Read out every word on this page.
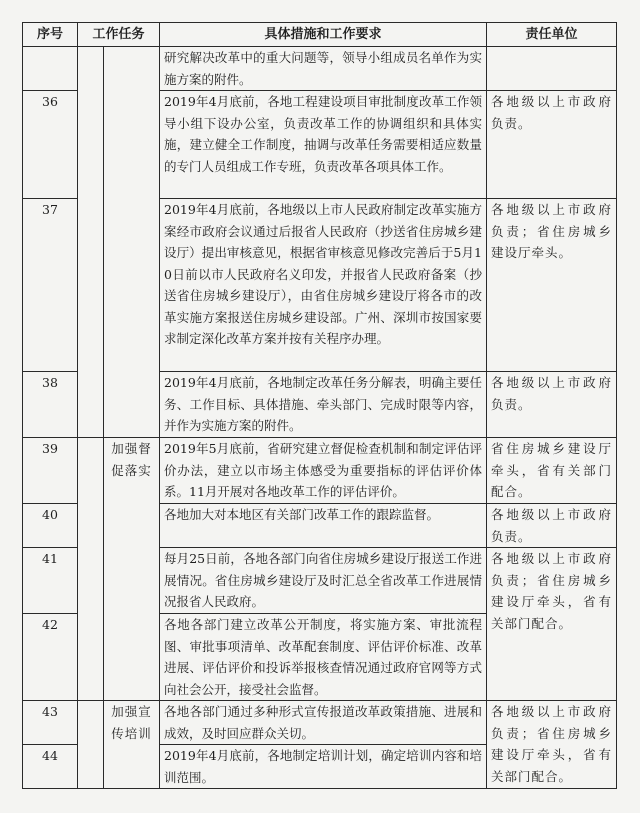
序号	工作任务		具体措施和工作要求	责任单位
			研究解决改革中的重大问题等，领导小组成员名单作为实施方案的附件。	
36			2019年4月底前，各地工程建设项目审批制度改革工作领导小组下设办公室，负责改革工作的协调组织和具体实施，建立健全工作制度，抽调与改革任务需要相适应数量的专门人员组成工作专班，负责改革各项具体工作。	各地级以上市政府负责。
37			2019年4月底前，各地级以上市人民政府制定改革实施方案经市政府会议通过后报省人民政府（抄送省住房城乡建设厅）提出审核意见，根据省审核意见修改完善后于5月10日前以市人民政府名义印发，并报省人民政府备案（抄送省住房城乡建设厅），由省住房城乡建设厅将各市的改革实施方案报送住房城乡建设部。广州、深圳市按国家要求制定深化改革方案并按有关程序办理。	各地级以上市政府负责；省住房城乡建设厅牵头。
38			2019年4月底前，各地制定改革任务分解表，明确主要任务、工作目标、具体措施、牵头部门、完成时限等内容，并作为实施方案的附件。	各地级以上市政府负责。
39		加强督促落实	2019年5月底前，省研究建立督促检查机制和制定评估评价办法，建立以市场主体感受为重要指标的评估评价体系。11月开展对各地改革工作的评估评价。	省住房城乡建设厅牵头，省有关部门配合。
40			各地加大对本地区有关部门改革工作的跟踪监督。	各地级以上市政府负责。
41			每月25日前，各地各部门向省住房城乡建设厅报送工作进展情况。省住房城乡建设厅及时汇总全省改革工作进展情况报省人民政府。	各地级以上市政府负责；省住房城乡建设厅牵头，省有关部门配合。
42			各地各部门建立改革公开制度，将实施方案、审批流程图、审批事项清单、改革配套制度、评估评价标准、改革进展、评估评价和投诉举报核查情况通过政府官网等方式向社会公开，接受社会监督。	
43		加强宣传培训	各地各部门通过多种形式宣传报道改革政策措施、进展和成效，及时回应群众关切。	各地级以上市政府负责；省住房城乡建设厅牵头，省有关部门配合。
44			2019年4月底前，各地制定培训计划，确定培训内容和培训范围。	
